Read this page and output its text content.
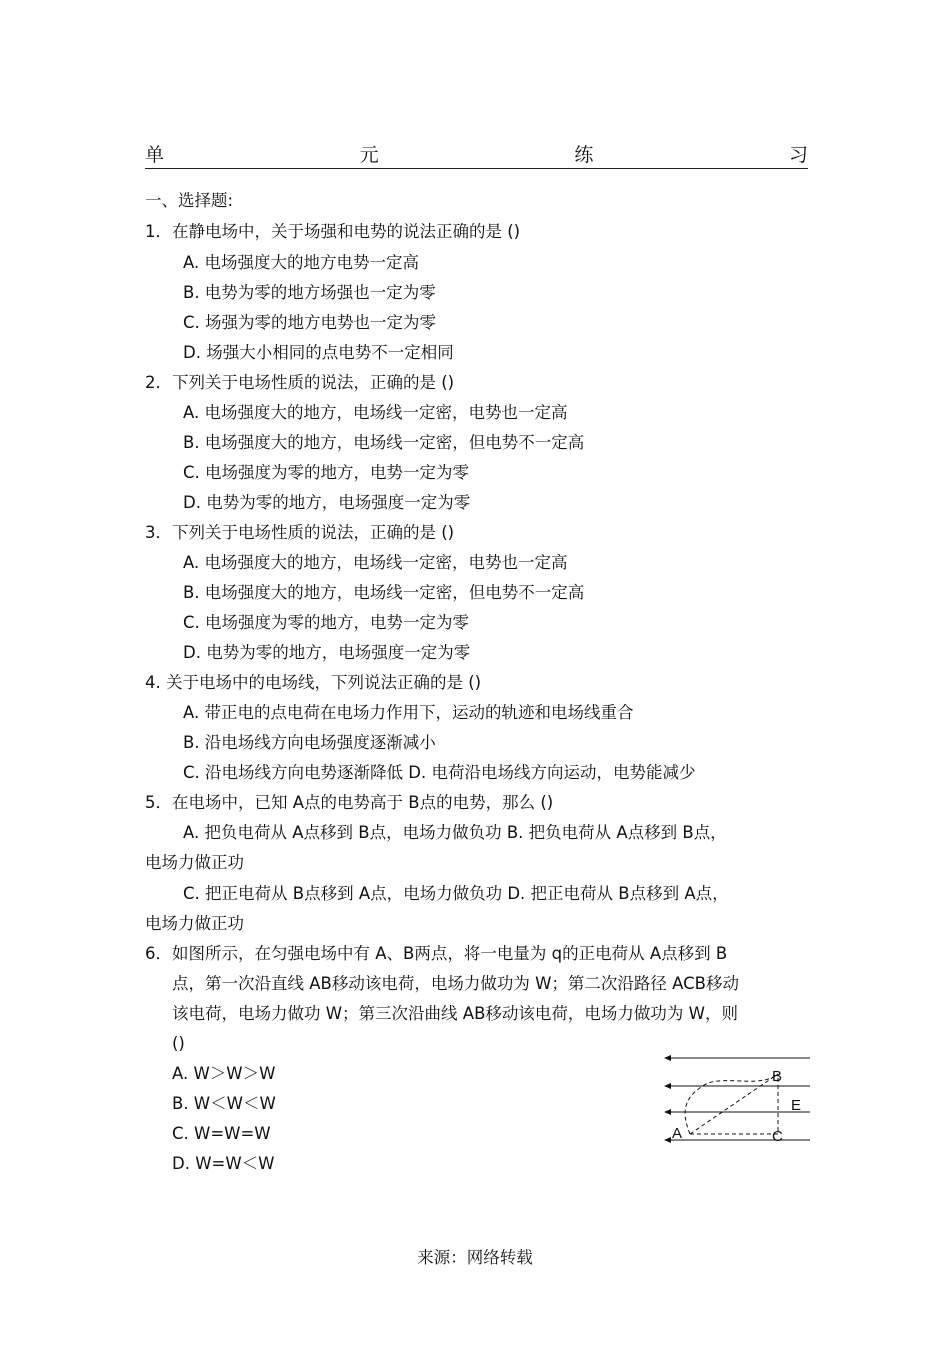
单	元	练	习
一、选择题:
1．在静电场中，关于场强和电势的说法正确的是 ()
A. 电场强度大的地方电势一定高
B. 电势为零的地方场强也一定为零
C. 场强为零的地方电势也一定为零
D. 场强大小相同的点电势不一定相同
2．下列关于电场性质的说法，正确的是 ()
A. 电场强度大的地方，电场线一定密，电势也一定高
B. 电场强度大的地方，电场线一定密，但电势不一定高
C. 电场强度为零的地方，电势一定为零
D. 电势为零的地方，电场强度一定为零
3．下列关于电场性质的说法，正确的是 ()
A. 电场强度大的地方，电场线一定密，电势也一定高
B. 电场强度大的地方，电场线一定密，但电势不一定高
C. 电场强度为零的地方，电势一定为零
D. 电势为零的地方，电场强度一定为零
4. 关于电场中的电场线，下列说法正确的是 ()
A. 带正电的点电荷在电场力作用下，运动的轨迹和电场线重合
B. 沿电场线方向电场强度逐渐减小
C. 沿电场线方向电势逐渐降低 D. 电荷沿电场线方向运动，电势能减少
5．在电场中，已知 A点的电势高于 B点的电势，那么 ()
A. 把负电荷从 A点移到 B点，电场力做负功 B. 把负电荷从 A点移到 B点，
电场力做正功
C. 把正电荷从 B点移到 A点，电场力做负功 D. 把正电荷从 B点移到 A点，
电场力做正功
6．如图所示，在匀强电场中有 A、B两点，将一电量为 q的正电荷从 A点移到 B
点，第一次沿直线 AB移动该电荷，电场力做功为 W；第二次沿路径 ACB移动
该电荷，电场力做功 W；第三次沿曲线 AB移动该电荷，电场力做功为 W，则
()
A. W＞W＞W
B. W＜W＜W
C. W=W=W
D. W=W＜W
A
B
C
E
来源：网络转载
